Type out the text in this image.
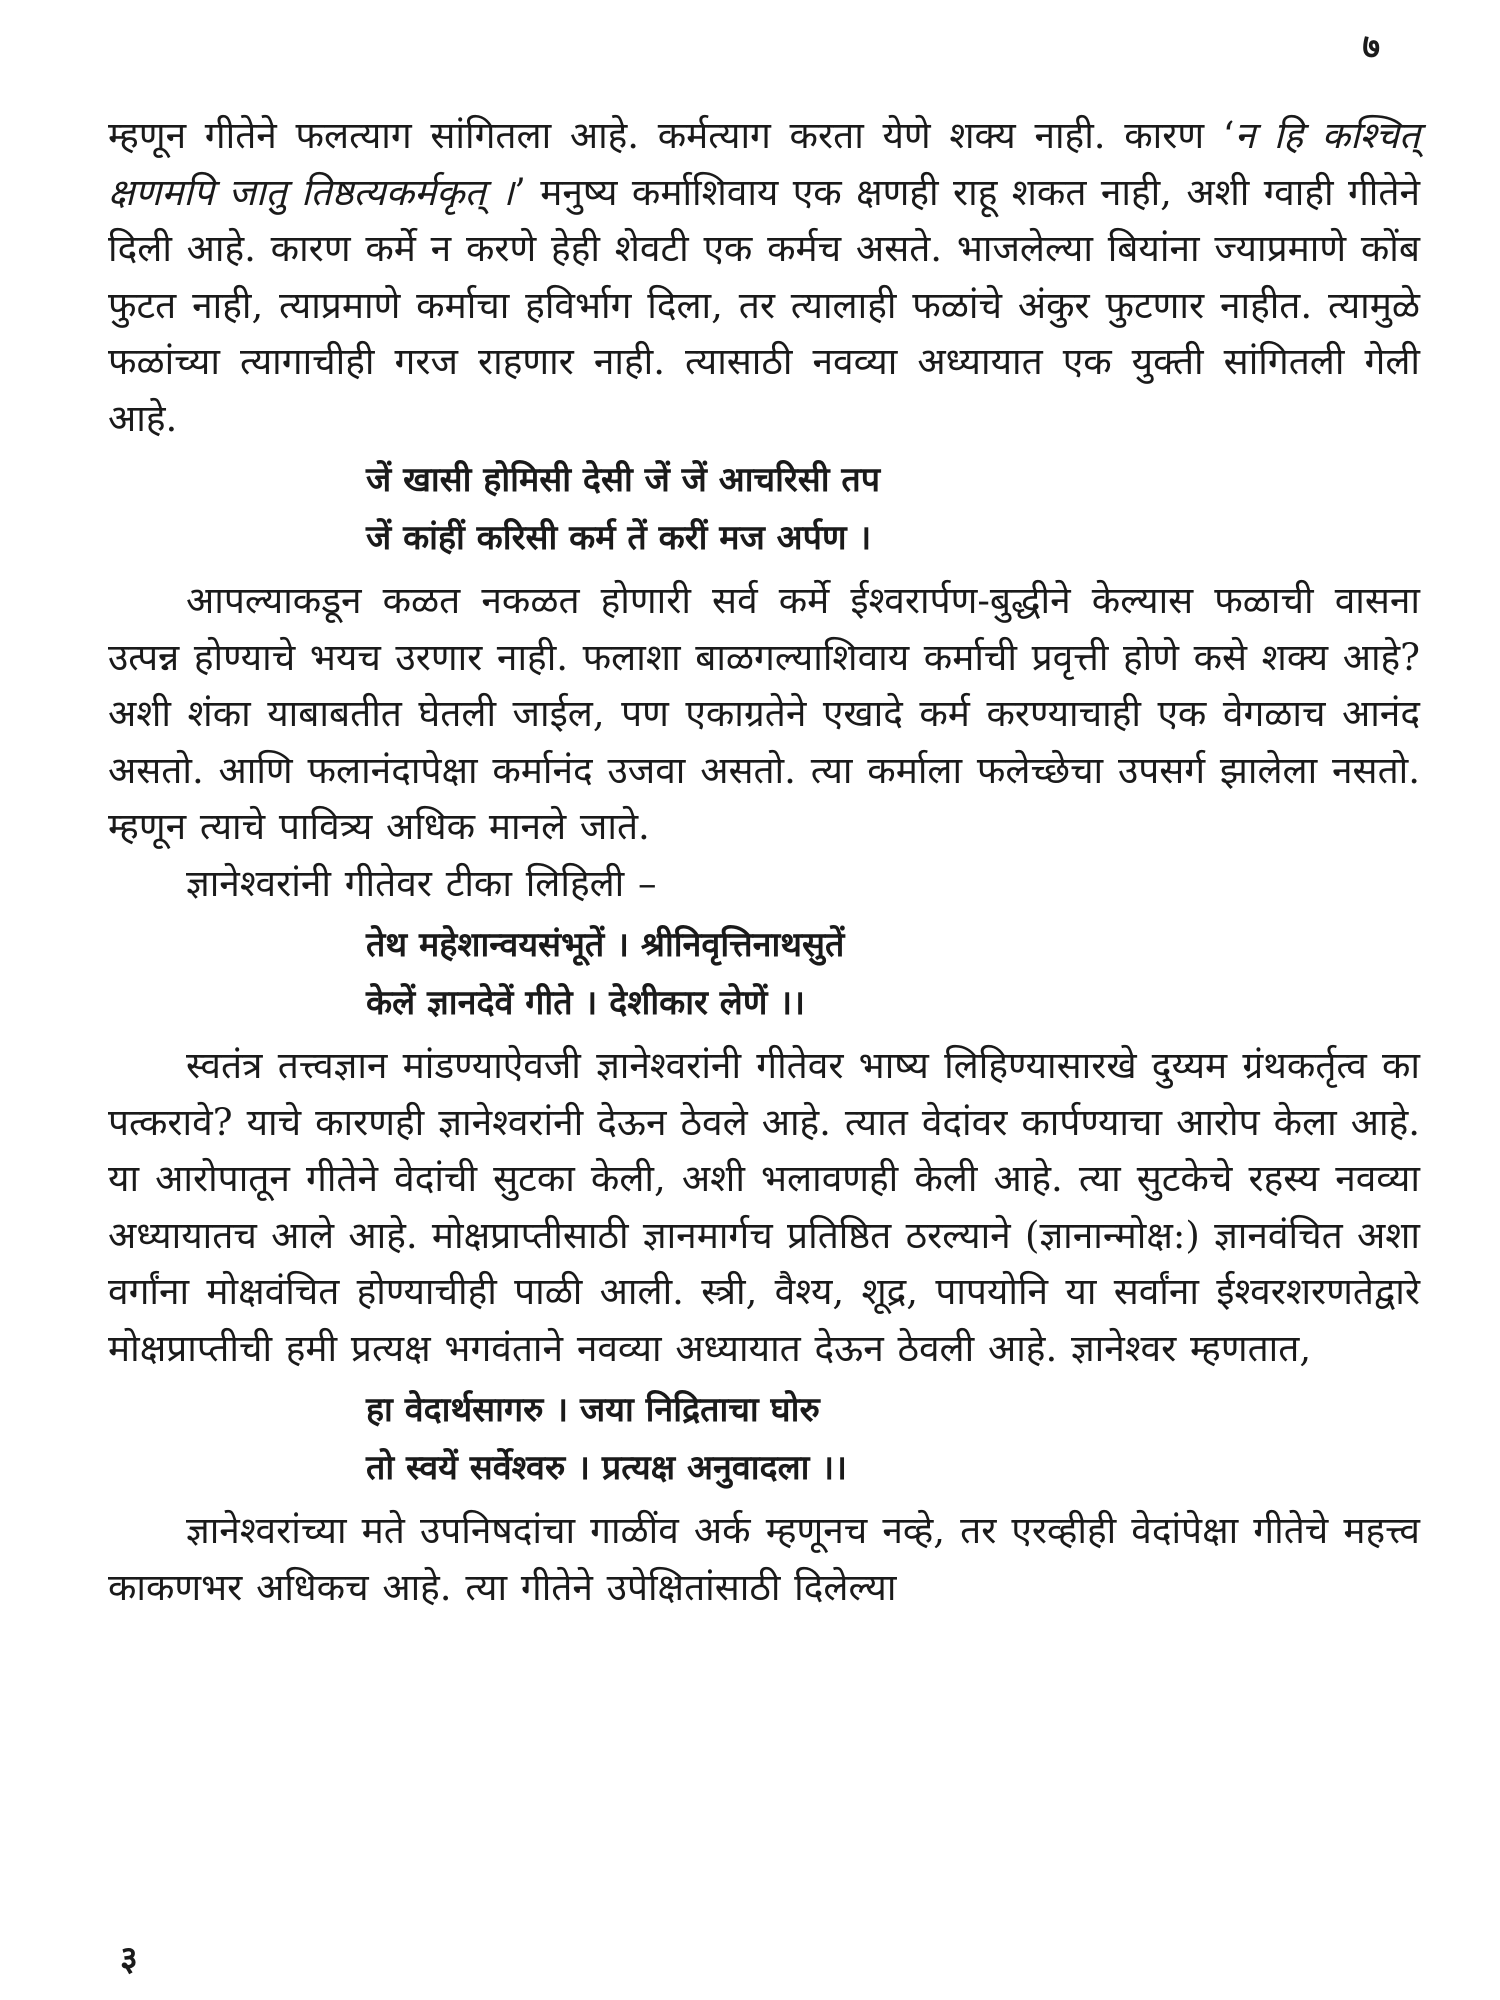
७

म्हणून गीतेने फलत्याग सांगितला आहे. कर्मत्याग करता येणे शक्य नाही. कारण ‘न हि कश्चित् क्षणमपि जातु तिष्ठत्यकर्मकृत् ।’ मनुष्य कर्माशिवाय एक क्षणही राहू शकत नाही, अशी ग्वाही गीतेने दिली आहे. कारण कर्मे न करणे हेही शेवटी एक कर्मच असते. भाजलेल्या बियांना ज्याप्रमाणे कोंब फुटत नाही, त्याप्रमाणे कर्माचा हविर्भाग दिला, तर त्यालाही फळांचे अंकुर फुटणार नाहीत. त्यामुळे फळांच्या त्यागाचीही गरज राहणार नाही. त्यासाठी नवव्या अध्यायात एक युक्ती सांगितली गेली आहे.

जें खासी होमिसी देसी जें जें आचरिसी तप
जें कांहीं करिसी कर्म तें करीं मज अर्पण ।

आपल्याकडून कळत नकळत होणारी सर्व कर्मे ईश्वरार्पण-बुद्धीने केल्यास फळाची वासना उत्पन्न होण्याचे भयच उरणार नाही. फलाशा बाळगल्याशिवाय कर्माची प्रवृत्ती होणे कसे शक्य आहे? अशी शंका याबाबतीत घेतली जाईल, पण एकाग्रतेने एखादे कर्म करण्याचाही एक वेगळाच आनंद असतो. आणि फलानंदापेक्षा कर्मानंद उजवा असतो. त्या कर्माला फलेच्छेचा उपसर्ग झालेला नसतो. म्हणून त्याचे पावित्र्य अधिक मानले जाते.

ज्ञानेश्वरांनी गीतेवर टीका लिहिली –

तेथ महेशान्वयसंभूतें । श्रीनिवृत्तिनाथसुतें
केलें ज्ञानदेवें गीते । देशीकार लेणें ।।

स्वतंत्र तत्त्वज्ञान मांडण्याऐवजी ज्ञानेश्वरांनी गीतेवर भाष्य लिहिण्यासारखे दुय्यम ग्रंथकर्तृत्व का पत्करावे? याचे कारणही ज्ञानेश्वरांनी देऊन ठेवले आहे. त्यात वेदांवर कार्पण्याचा आरोप केला आहे. या आरोपातून गीतेने वेदांची सुटका केली, अशी भलावणही केली आहे. त्या सुटकेचे रहस्य नवव्या अध्यायातच आले आहे. मोक्षप्राप्तीसाठी ज्ञानमार्गच प्रतिष्ठित ठरल्याने (ज्ञानान्मोक्ष:) ज्ञानवंचित अशा वर्गांना मोक्षवंचित होण्याचीही पाळी आली. स्त्री, वैश्य, शूद्र, पापयोनि या सर्वांना ईश्वरशरणतेद्वारे मोक्षप्राप्तीची हमी प्रत्यक्ष भगवंताने नवव्या अध्यायात देऊन ठेवली आहे. ज्ञानेश्वर म्हणतात,

हा वेदार्थसागरु । जया निद्रिताचा घोरु
तो स्वयें सर्वेश्वरु । प्रत्यक्ष अनुवादला ।।

ज्ञानेश्वरांच्या मते उपनिषदांचा गाळींव अर्क म्हणूनच नव्हे, तर एरव्हीही वेदांपेक्षा गीतेचे महत्त्व काकणभर अधिकच आहे. त्या गीतेने उपेक्षितांसाठी दिलेल्या

३
